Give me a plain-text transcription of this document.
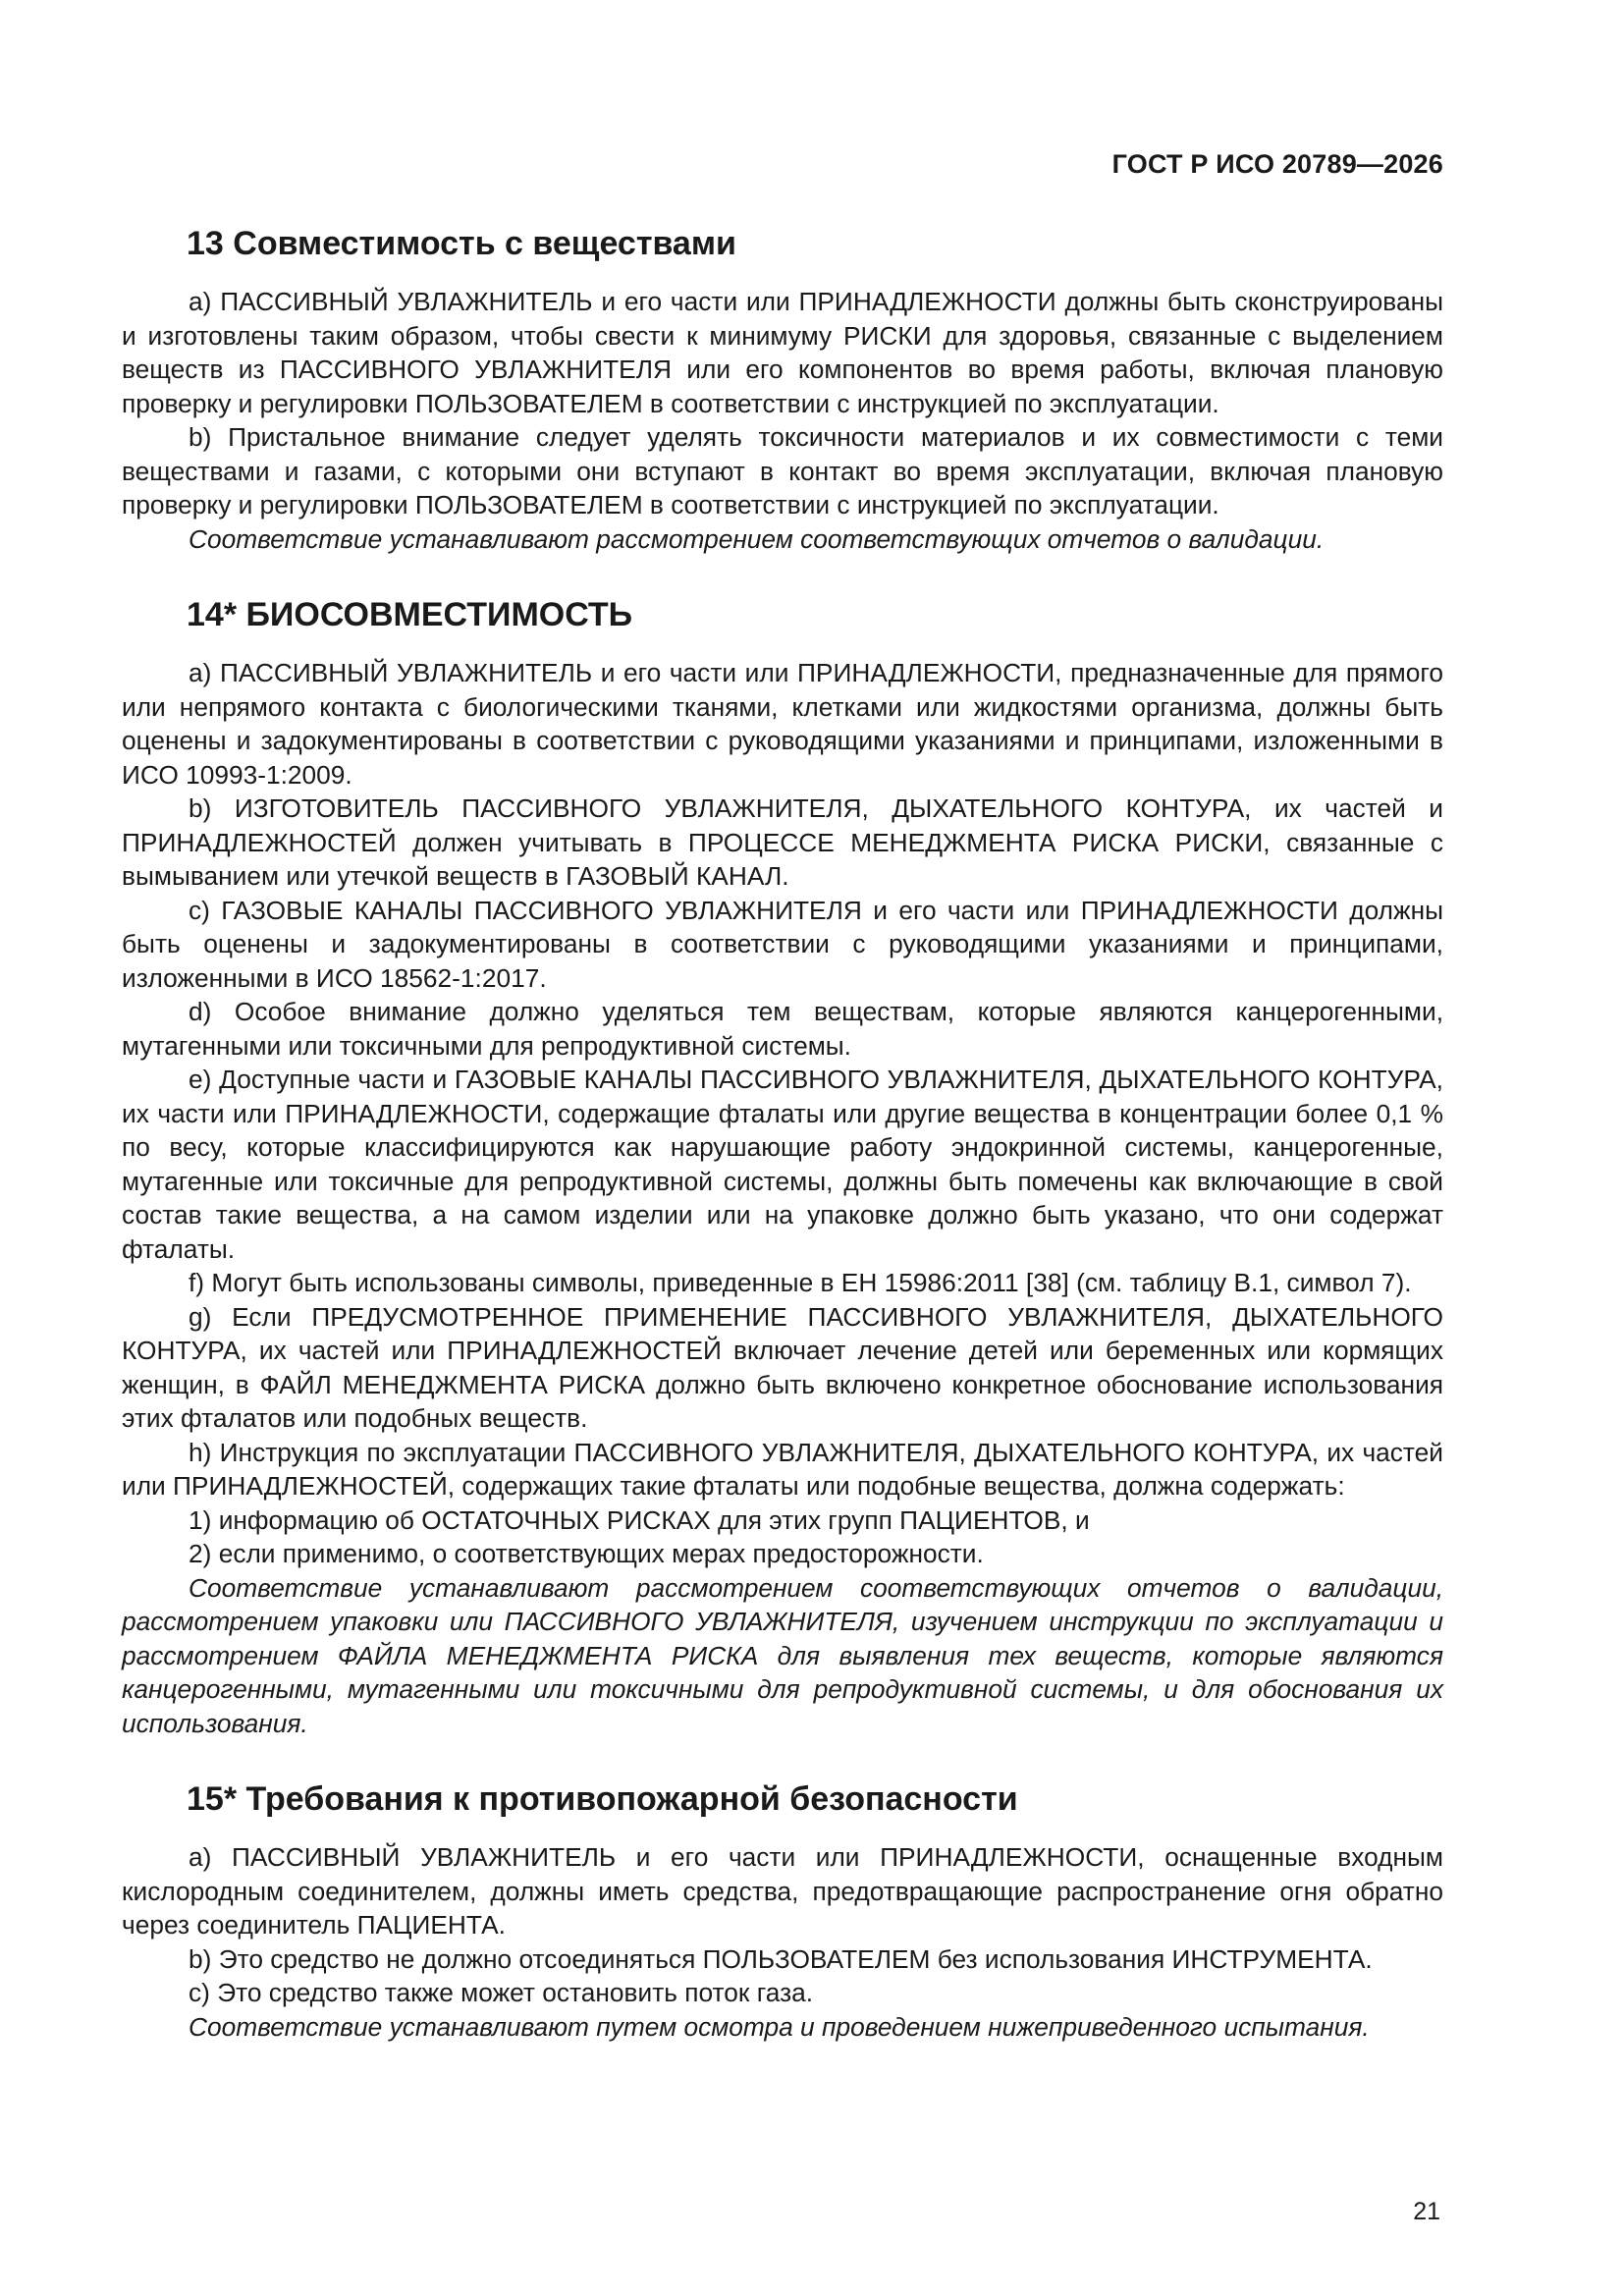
ГОСТ Р ИСО 20789—2026
13 Совместимость с веществами

a) ПАССИВНЫЙ УВЛАЖНИТЕЛЬ и его части или ПРИНАДЛЕЖНОСТИ должны быть сконструированы и изготовлены таким образом, чтобы свести к минимуму РИСКИ для здоровья, связанные с выделением веществ из ПАССИВНОГО УВЛАЖНИТЕЛЯ или его компонентов во время работы, включая плановую проверку и регулировки ПОЛЬЗОВАТЕЛЕМ в соответствии с инструкцией по эксплуатации.

b) Пристальное внимание следует уделять токсичности материалов и их совместимости с теми веществами и газами, с которыми они вступают в контакт во время эксплуатации, включая плановую проверку и регулировки ПОЛЬЗОВАТЕЛЕМ в соответствии с инструкцией по эксплуатации.

Соответствие устанавливают рассмотрением соответствующих отчетов о валидации.

14* БИОСОВМЕСТИМОСТЬ

a) ПАССИВНЫЙ УВЛАЖНИТЕЛЬ и его части или ПРИНАДЛЕЖНОСТИ, предназначенные для прямого или непрямого контакта с биологическими тканями, клетками или жидкостями организма, должны быть оценены и задокументированы в соответствии с руководящими указаниями и принципами, изложенными в ИСО 10993-1:2009.

b) ИЗГОТОВИТЕЛЬ ПАССИВНОГО УВЛАЖНИТЕЛЯ, ДЫХАТЕЛЬНОГО КОНТУРА, их частей и ПРИНАДЛЕЖНОСТЕЙ должен учитывать в ПРОЦЕССЕ МЕНЕДЖМЕНТА РИСКА РИСКИ, связанные с вымыванием или утечкой веществ в ГАЗОВЫЙ КАНАЛ.

c) ГАЗОВЫЕ КАНАЛЫ ПАССИВНОГО УВЛАЖНИТЕЛЯ и его части или ПРИНАДЛЕЖНОСТИ должны быть оценены и задокументированы в соответствии с руководящими указаниями и принципами, изложенными в ИСО 18562-1:2017.

d) Особое внимание должно уделяться тем веществам, которые являются канцерогенными, мутагенными или токсичными для репродуктивной системы.

e) Доступные части и ГАЗОВЫЕ КАНАЛЫ ПАССИВНОГО УВЛАЖНИТЕЛЯ, ДЫХАТЕЛЬНОГО КОНТУРА, их части или ПРИНАДЛЕЖНОСТИ, содержащие фталаты или другие вещества в концентрации более 0,1 % по весу, которые классифицируются как нарушающие работу эндокринной системы, канцерогенные, мутагенные или токсичные для репродуктивной системы, должны быть помечены как включающие в свой состав такие вещества, а на самом изделии или на упаковке должно быть указано, что они содержат фталаты.

f) Могут быть использованы символы, приведенные в ЕН 15986:2011 [38] (см. таблицу В.1, символ 7).

g) Если ПРЕДУСМОТРЕННОЕ ПРИМЕНЕНИЕ ПАССИВНОГО УВЛАЖНИТЕЛЯ, ДЫХАТЕЛЬНОГО КОНТУРА, их частей или ПРИНАДЛЕЖНОСТЕЙ включает лечение детей или беременных или кормящих женщин, в ФАЙЛ МЕНЕДЖМЕНТА РИСКА должно быть включено конкретное обоснование использования этих фталатов или подобных веществ.

h) Инструкция по эксплуатации ПАССИВНОГО УВЛАЖНИТЕЛЯ, ДЫХАТЕЛЬНОГО КОНТУРА, их частей или ПРИНАДЛЕЖНОСТЕЙ, содержащих такие фталаты или подобные вещества, должна содержать:

1) информацию об ОСТАТОЧНЫХ РИСКАХ для этих групп ПАЦИЕНТОВ, и

2) если применимо, о соответствующих мерах предосторожности.

Соответствие устанавливают рассмотрением соответствующих отчетов о валидации, рассмотрением упаковки или ПАССИВНОГО УВЛАЖНИТЕЛЯ, изучением инструкции по эксплуатации и рассмотрением ФАЙЛА МЕНЕДЖМЕНТА РИСКА для выявления тех веществ, которые являются канцерогенными, мутагенными или токсичными для репродуктивной системы, и для обоснования их использования.

15* Требования к противопожарной безопасности

a) ПАССИВНЫЙ УВЛАЖНИТЕЛЬ и его части или ПРИНАДЛЕЖНОСТИ, оснащенные входным кислородным соединителем, должны иметь средства, предотвращающие распространение огня обратно через соединитель ПАЦИЕНТА.

b) Это средство не должно отсоединяться ПОЛЬЗОВАТЕЛЕМ без использования ИНСТРУМЕНТА.

c) Это средство также может остановить поток газа.

Соответствие устанавливают путем осмотра и проведением нижеприведенного испытания.

21
